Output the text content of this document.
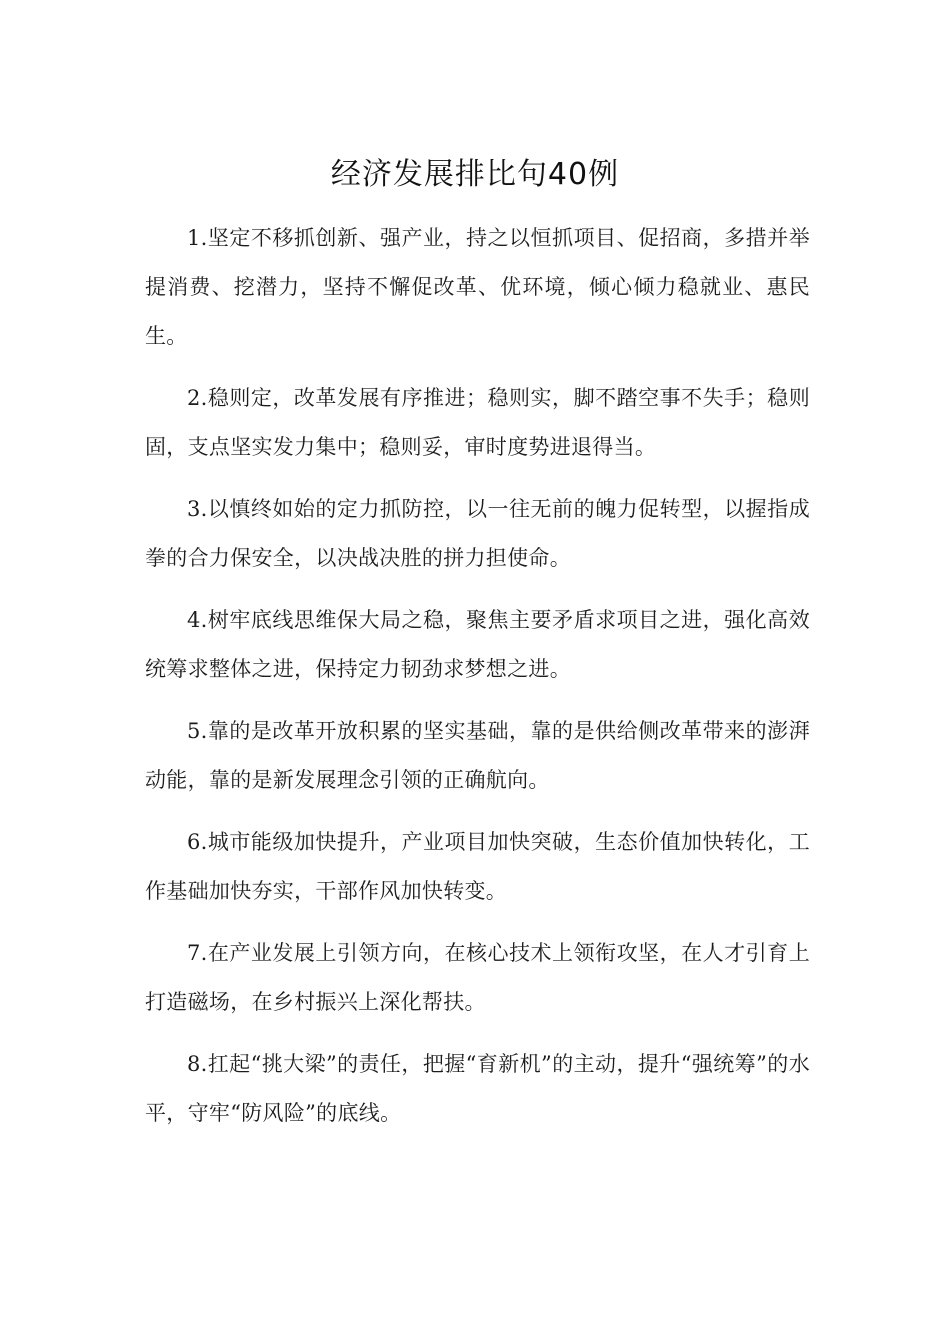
经济发展排比句40例

1.坚定不移抓创新、强产业，持之以恒抓项目、促招商，多措并举提消费、挖潜力，坚持不懈促改革、优环境，倾心倾力稳就业、惠民生。

2.稳则定，改革发展有序推进；稳则实，脚不踏空事不失手；稳则固，支点坚实发力集中；稳则妥，审时度势进退得当。

3.以慎终如始的定力抓防控，以一往无前的魄力促转型，以握指成拳的合力保安全，以决战决胜的拼力担使命。

4.树牢底线思维保大局之稳，聚焦主要矛盾求项目之进，强化高效统筹求整体之进，保持定力韧劲求梦想之进。

5.靠的是改革开放积累的坚实基础，靠的是供给侧改革带来的澎湃动能，靠的是新发展理念引领的正确航向。

6.城市能级加快提升，产业项目加快突破，生态价值加快转化，工作基础加快夯实，干部作风加快转变。

7.在产业发展上引领方向，在核心技术上领衔攻坚，在人才引育上打造磁场，在乡村振兴上深化帮扶。

8.扛起“挑大梁”的责任，把握“育新机”的主动，提升“强统筹”的水平，守牢“防风险”的底线。
